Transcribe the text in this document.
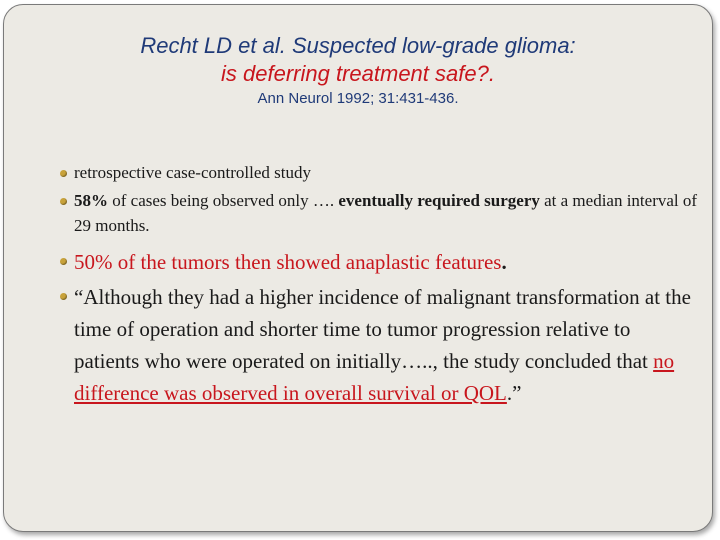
Recht LD et al. Suspected low-grade glioma:
is deferring treatment safe?.
Ann Neurol 1992; 31:431-436.
retrospective case-controlled study
58% of cases being observed only …. eventually required surgery at a median interval of 29 months.
50% of the tumors then showed anaplastic features.
“Although they had a higher incidence of malignant transformation at the time of operation and shorter time to tumor progression relative to patients who were operated on initially….., the study concluded that no difference was observed in overall survival or QOL.”
